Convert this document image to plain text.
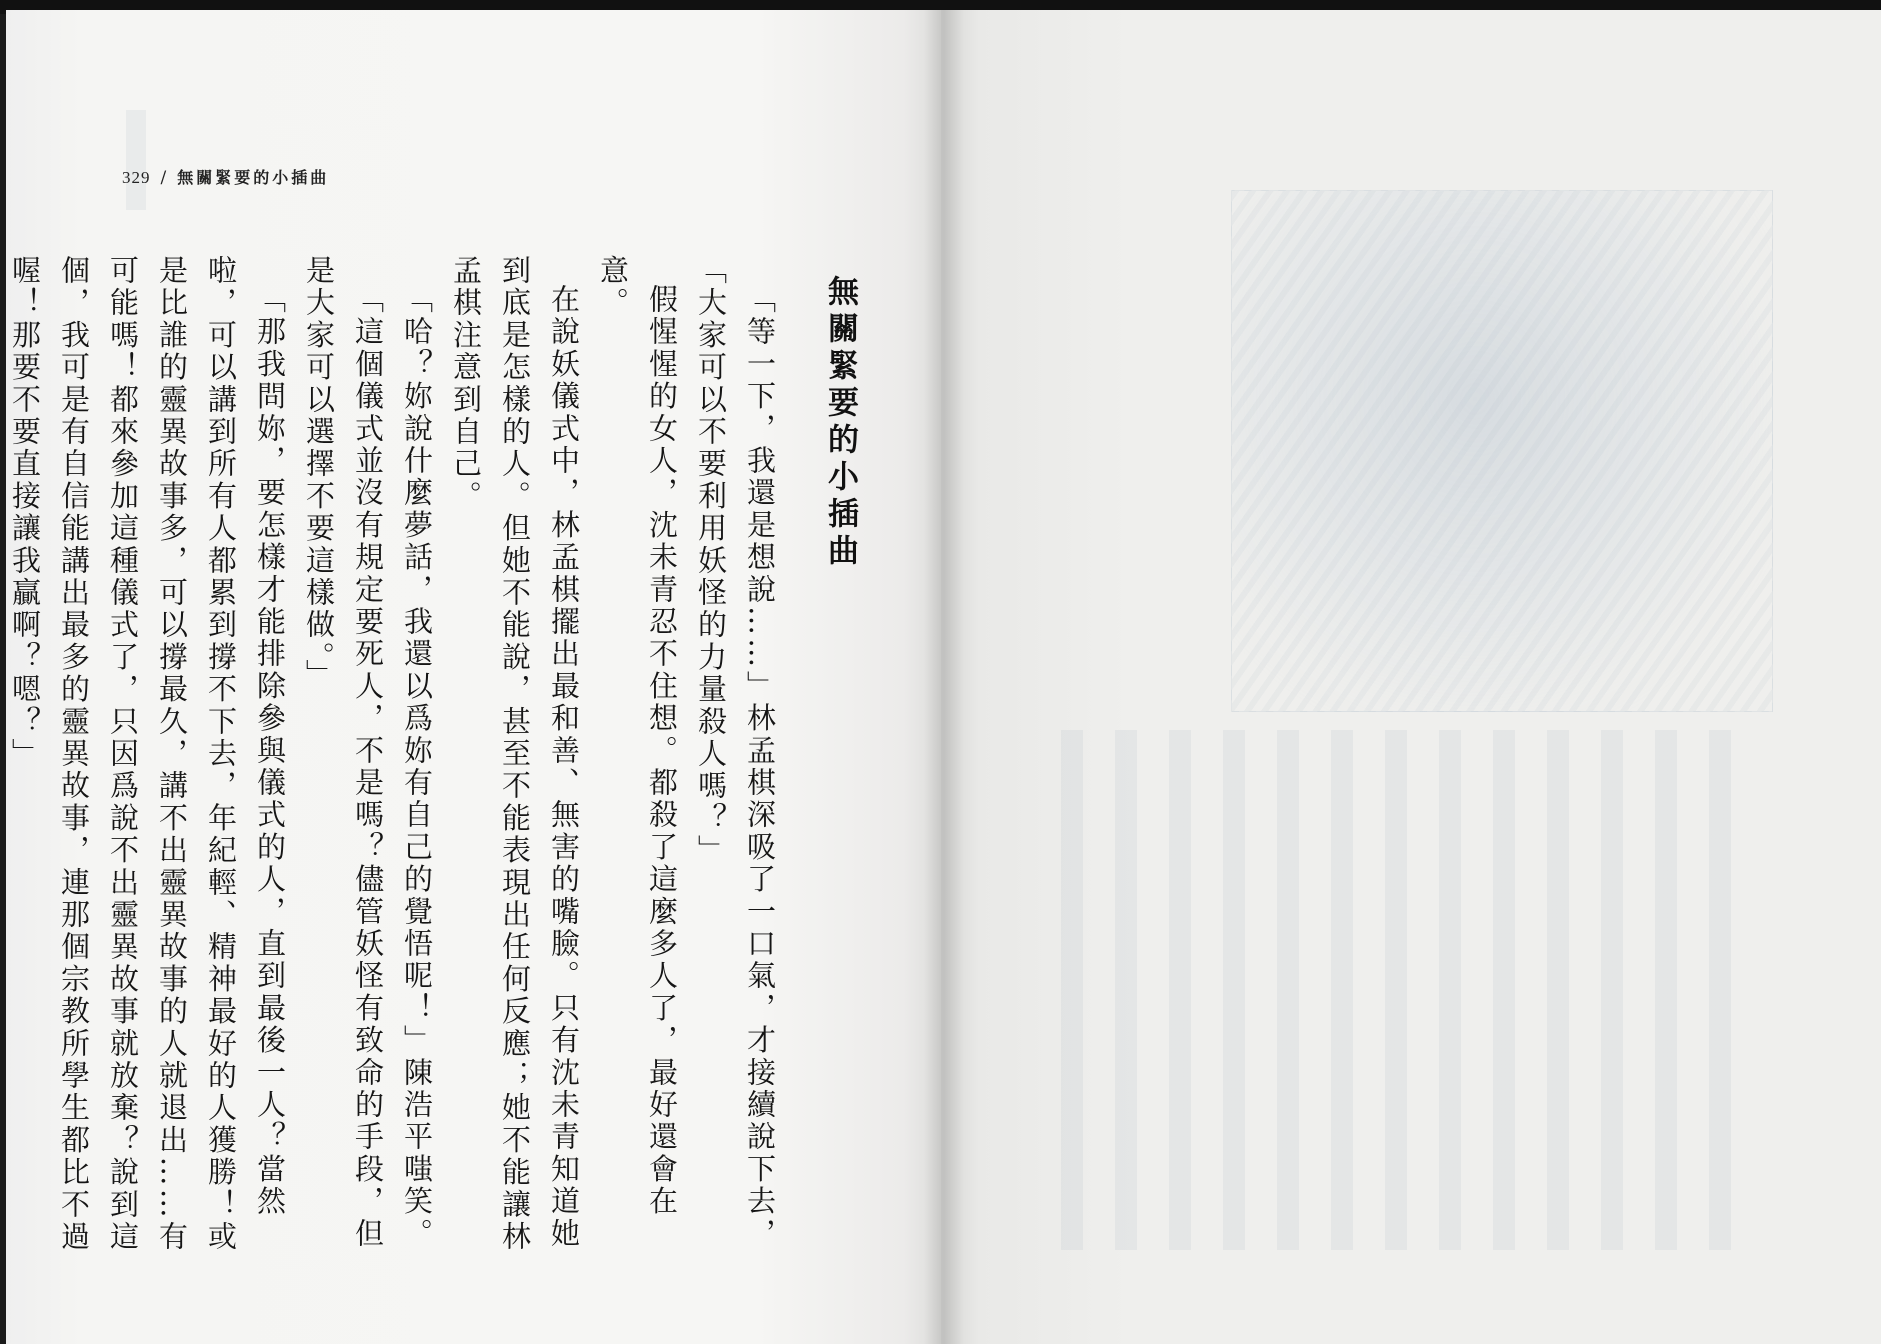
329 / 無關緊要的小插曲
無關緊要的小插曲

「等一下，我還是想說……」林孟棋深吸了一口氣，才接續說下去，「大家可以不要利用妖怪的力量殺人嗎？」

假惺惺的女人，沈未青忍不住想。都殺了這麼多人了，最好還會在意。

在說妖儀式中，林孟棋擺出最和善、無害的嘴臉。只有沈未青知道她到底是怎樣的人。但她不能說，甚至不能表現出任何反應；她不能讓林孟棋注意到自己。

「哈？妳說什麼夢話，我還以爲妳有自己的覺悟呢！」陳浩平嗤笑。

「這個儀式並沒有規定要死人，不是嗎？儘管妖怪有致命的手段，但是大家可以選擇不要這樣做。」

「那我問妳，要怎樣才能排除參與儀式的人，直到最後一人？當然啦，可以講到所有人都累到撐不下去，年紀輕、精神最好的人獲勝！或是比誰的靈異故事多，可以撐最久，講不出靈異故事的人就退出……有可能嗎！都來參加這種儀式了，只因爲說不出靈異故事就放棄？說到這個，我可是有自信能講出最多的靈異故事，連那個宗教所學生都比不過喔！那要不要直接讓我贏啊？嗯？」
